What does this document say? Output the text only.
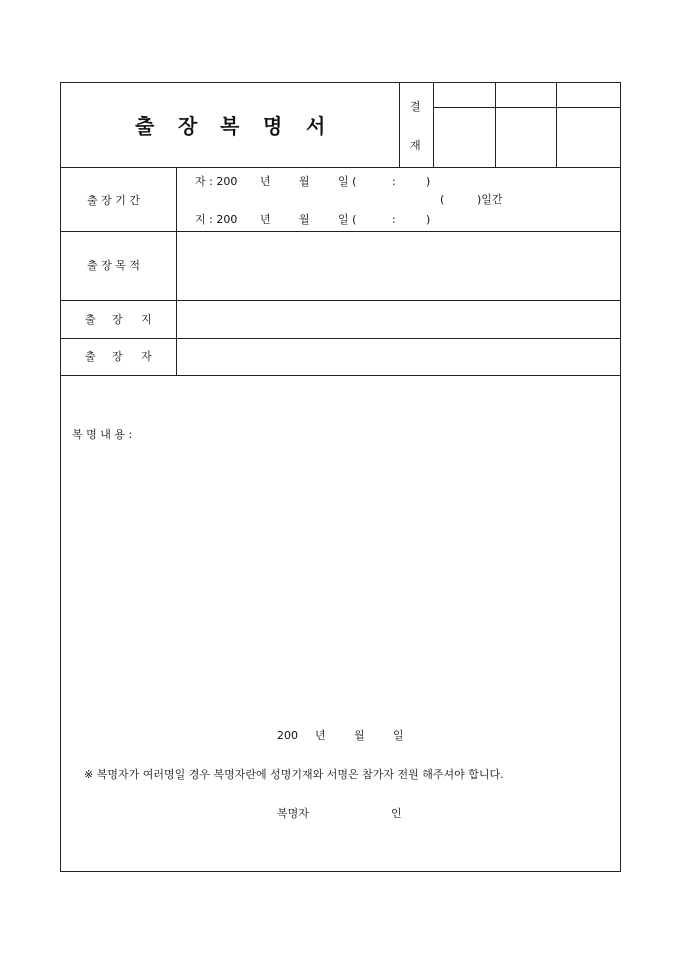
출 장 복 명 서
결
재
출 장 기 간
자 : 200 년	월	일 (	:	)
(	)일간
지 : 200 년	월	일 (	:	)
출 장 목 적
출 장 지
출 장 자
복 명 내 용 :
200 년	월	일
※ 복명자가 여러명일 경우 복명자란에 성명기재와 서명은 참가자 전원 해주셔야 합니다.
복명자	인
